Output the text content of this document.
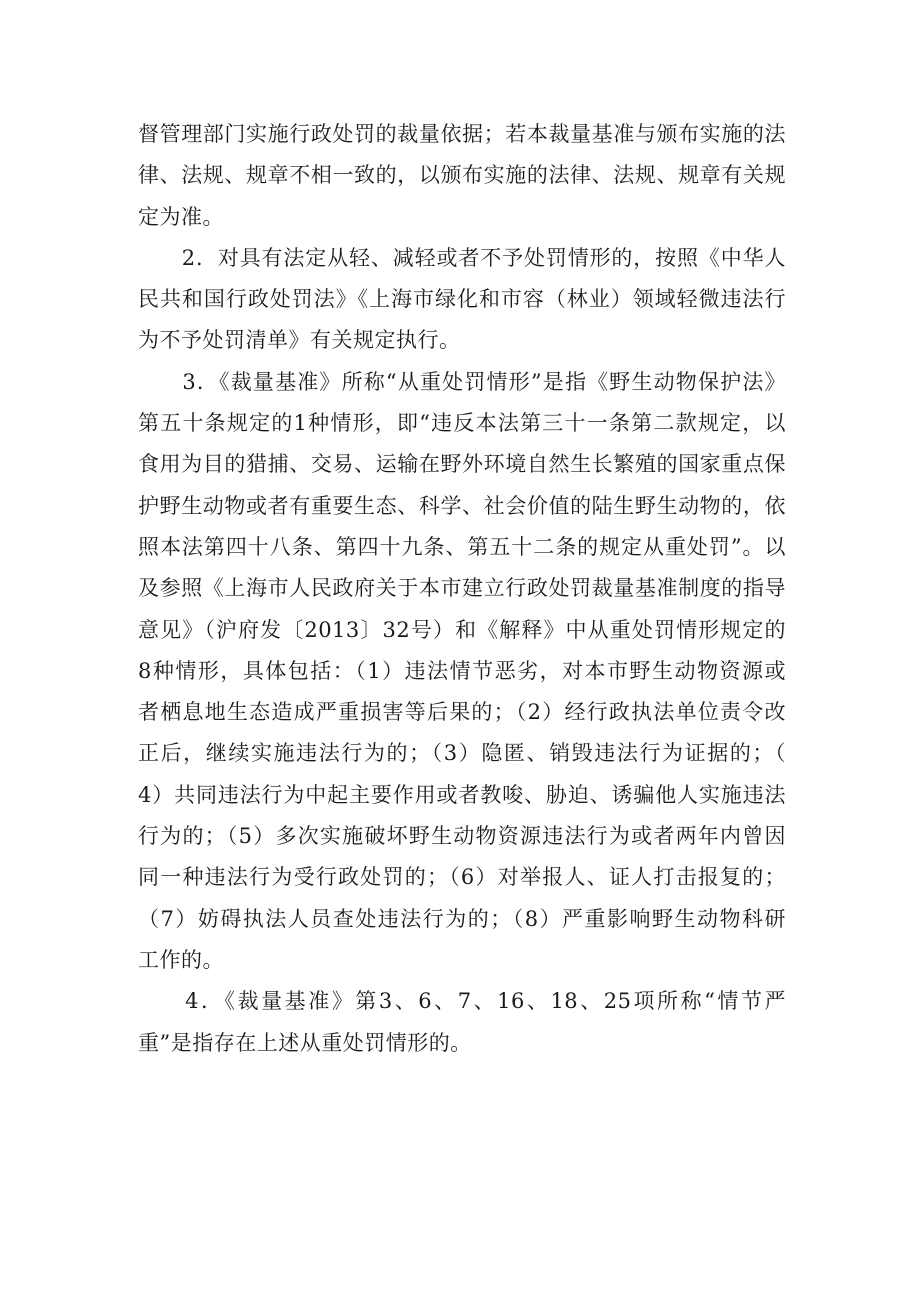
督管理部门实施行政处罚的裁量依据；若本裁量基准与颁布实施的法
律、法规、规章不相一致的，以颁布实施的法律、法规、规章有关规
定为准。
　　2．对具有法定从轻、减轻或者不予处罚情形的，按照《中华人
民共和国行政处罚法》《上海市绿化和市容（林业）领域轻微违法行
为不予处罚清单》有关规定执行。
　　3．《裁量基准》所称“从重处罚情形”是指《野生动物保护法》
第五十条规定的1种情形，即“违反本法第三十一条第二款规定，以
食用为目的猎捕、交易、运输在野外环境自然生长繁殖的国家重点保
护野生动物或者有重要生态、科学、社会价值的陆生野生动物的，依
照本法第四十八条、第四十九条、第五十二条的规定从重处罚”。以
及参照《上海市人民政府关于本市建立行政处罚裁量基准制度的指导
意见》（沪府发〔2013〕32号）和《解释》中从重处罚情形规定的
8种情形，具体包括：（1）违法情节恶劣，对本市野生动物资源或
者栖息地生态造成严重损害等后果的；（2）经行政执法单位责令改
正后，继续实施违法行为的；（3）隐匿、销毁违法行为证据的；（
4）共同违法行为中起主要作用或者教唆、胁迫、诱骗他人实施违法
行为的；（5）多次实施破坏野生动物资源违法行为或者两年内曾因
同一种违法行为受行政处罚的；（6）对举报人、证人打击报复的；
（7）妨碍执法人员查处违法行为的；（8）严重影响野生动物科研
工作的。
　　4．《裁量基准》第3、6、7、16、18、25项所称“情节严
重”是指存在上述从重处罚情形的。
